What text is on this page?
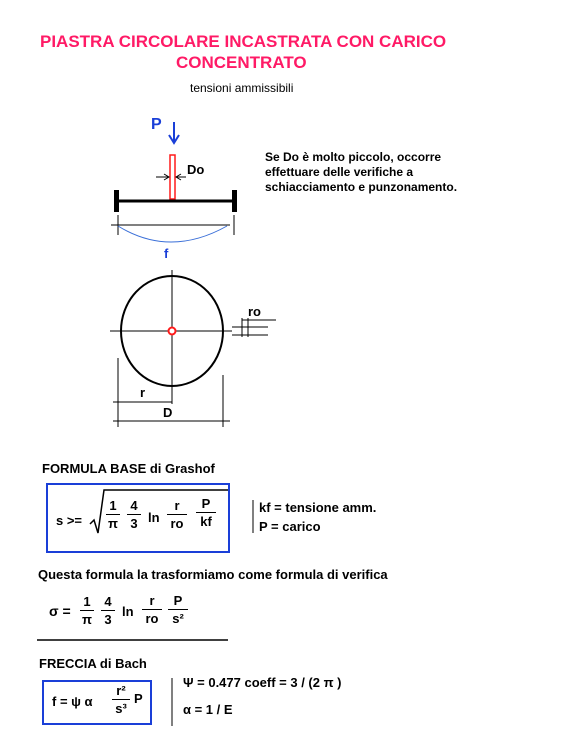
PIASTRA CIRCOLARE INCASTRATA CON CARICO
CONCENTRATO
tensioni ammissibili
P
Do
Se Do è molto piccolo, occorre effettuare delle verifiche a schiacciamento e punzonamento.
f
ro
r
D
FORMULA BASE di Grashof
$s >= \frac{1}{\pi} \frac{4}{3}$ $\ln \frac{r}{ro} \frac{P}{kf}$	kf = tensione amm.
P = carico
Questa formula la trasformiamo come formula di verifica
$\sigma = \frac{1}{\pi} \frac{4}{3}$ $\ln \frac{r}{ro} \frac{P}{\text{s²}}$
FRECCIA di Bach
f = ψ α $\frac{\text{r²}}{\text{s³}}$ P
Ψ = 0.477 coeff = 3 / (2 π )
α = 1 / E
